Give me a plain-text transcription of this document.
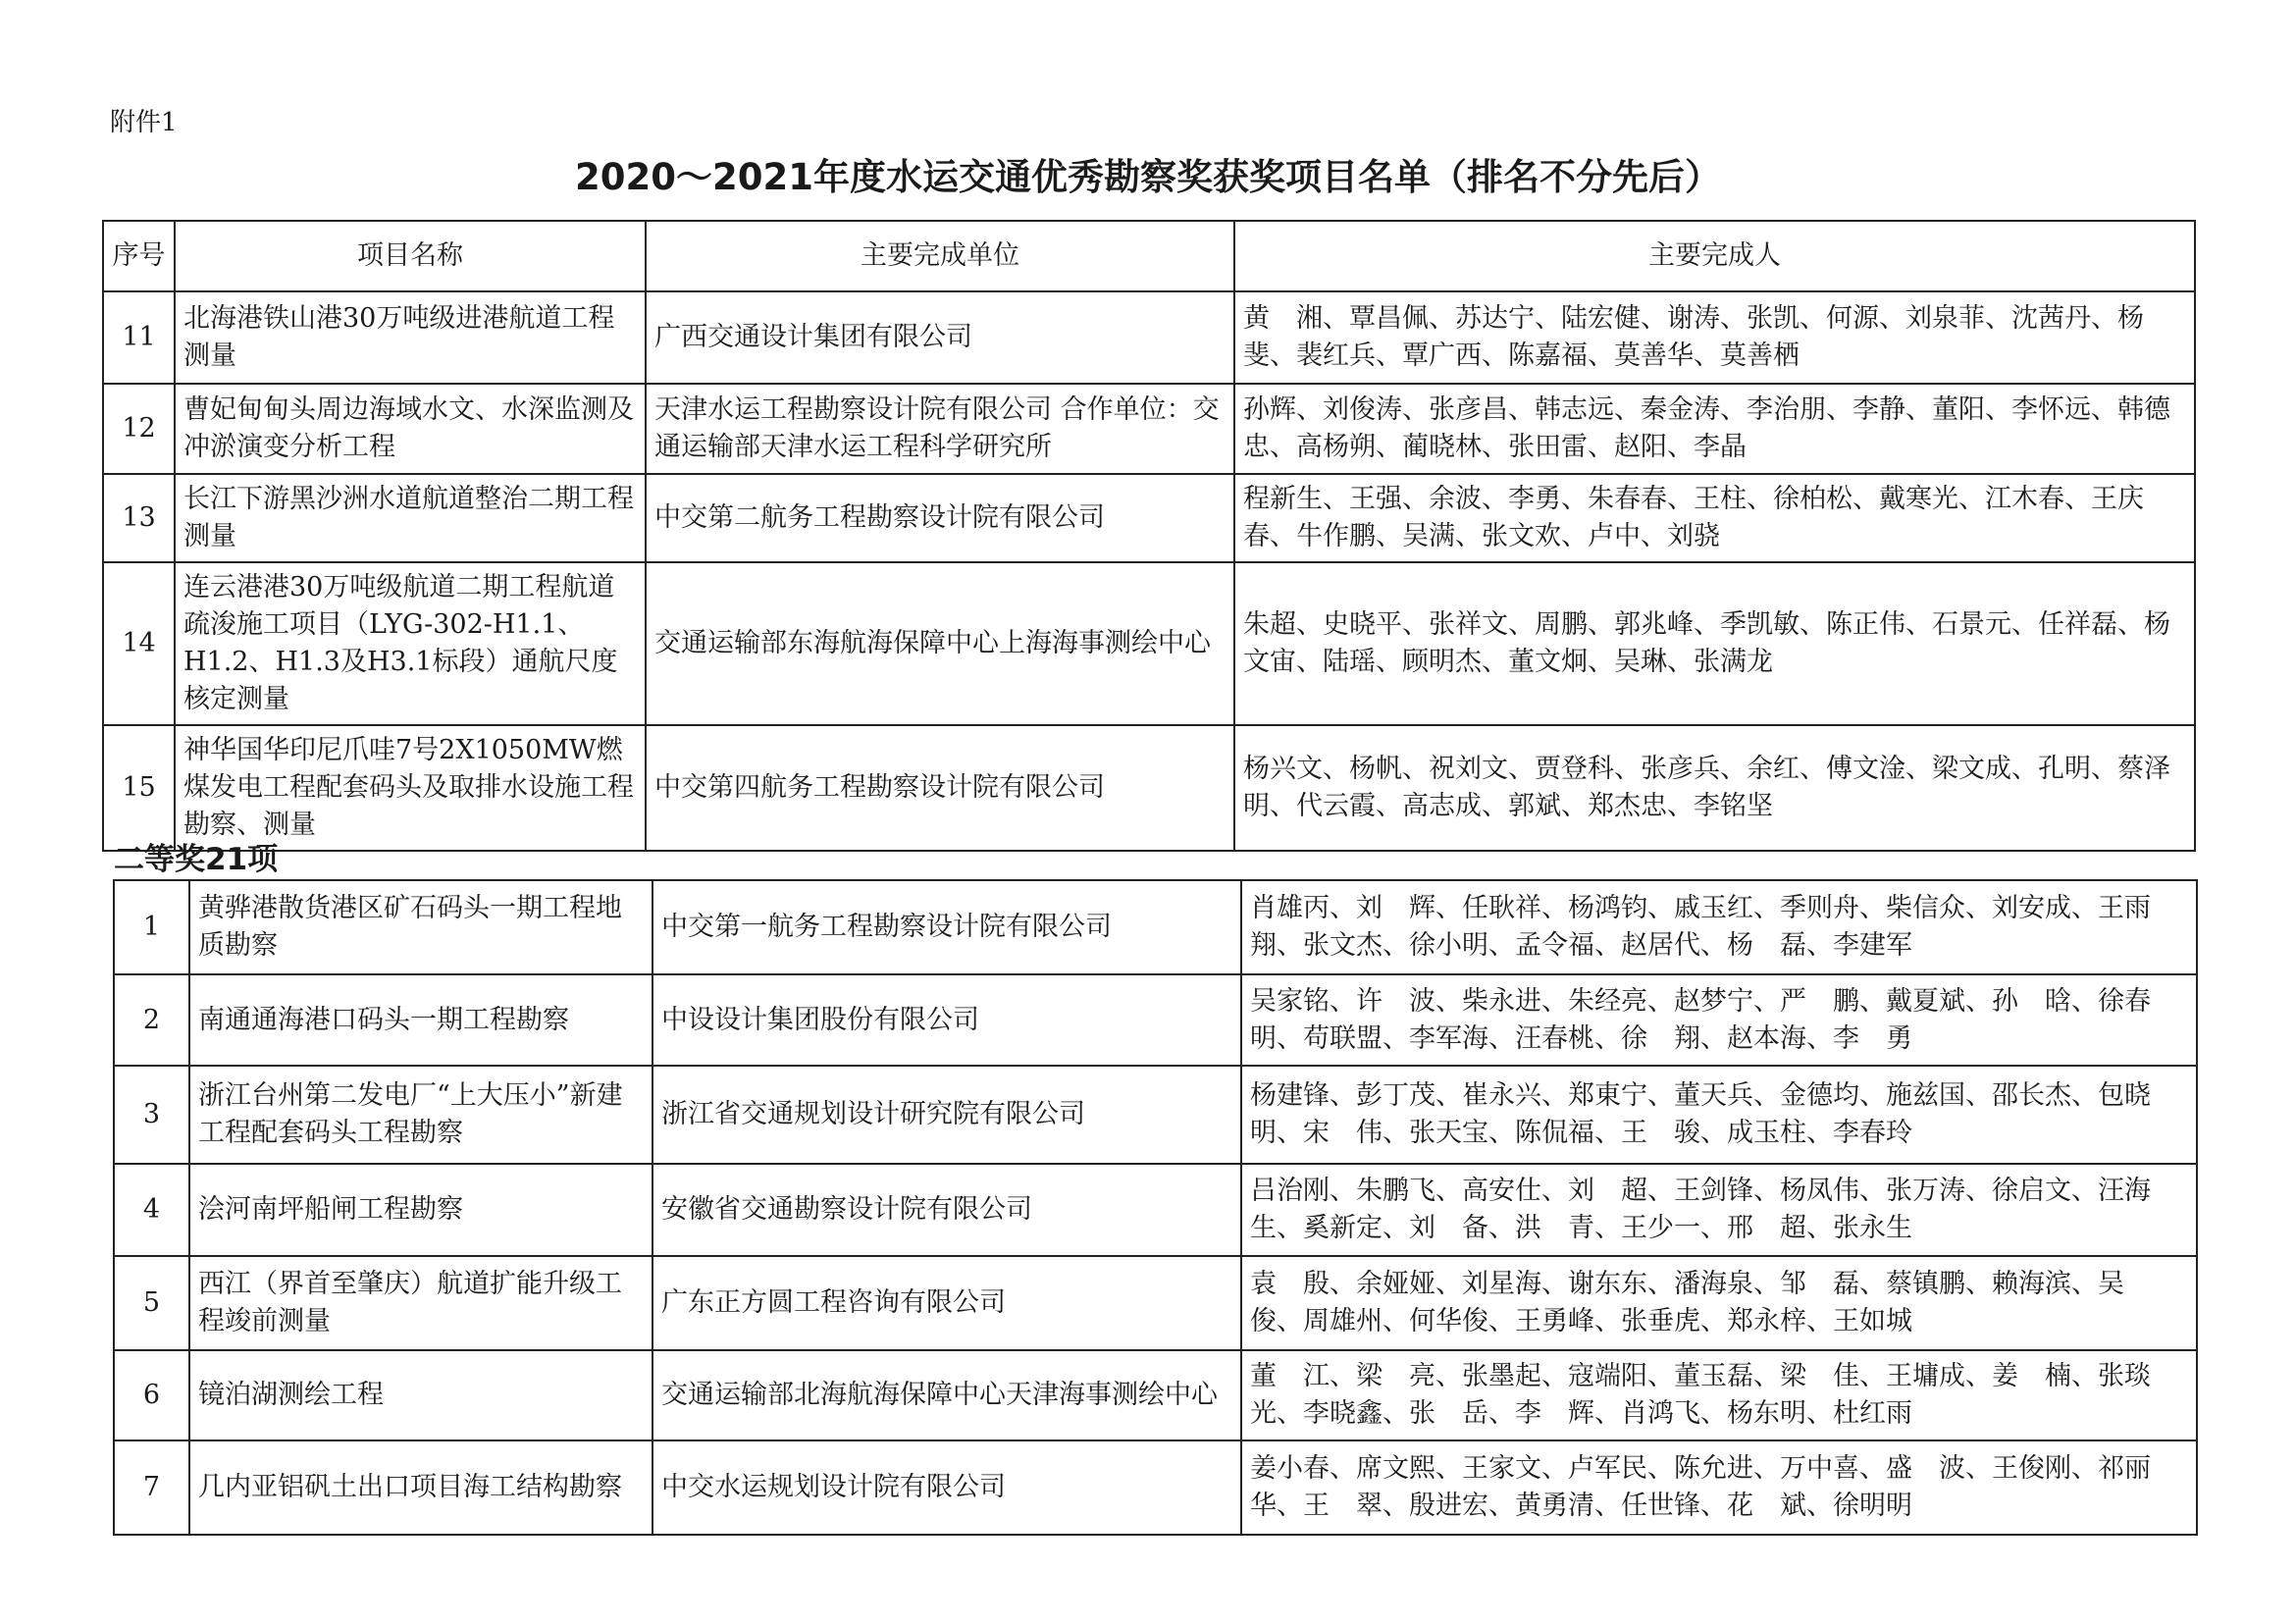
附件1
2020～2021年度水运交通优秀勘察奖获奖项目名单（排名不分先后）
序号	项目名称	主要完成单位	主要完成人
11	北海港铁山港30万吨级进港航道工程测量	广西交通设计集团有限公司	黄　湘、覃昌佩、苏达宁、陆宏健、谢涛、张凯、何源、刘泉菲、沈茜丹、杨斐、裴红兵、覃广西、陈嘉福、莫善华、莫善栖
12	曹妃甸甸头周边海域水文、水深监测及冲淤演变分析工程	天津水运工程勘察设计院有限公司 合作单位：交通运输部天津水运工程科学研究所	孙辉、刘俊涛、张彦昌、韩志远、秦金涛、李治朋、李静、董阳、李怀远、韩德忠、高杨朔、蔺晓林、张田雷、赵阳、李晶
13	长江下游黑沙洲水道航道整治二期工程测量	中交第二航务工程勘察设计院有限公司	程新生、王强、余波、李勇、朱春春、王柱、徐柏松、戴寒光、江木春、王庆春、牛作鹏、吴满、张文欢、卢中、刘骁
14	连云港港30万吨级航道二期工程航道疏浚施工项目（LYG-302-H1.1、H1.2、H1.3及H3.1标段）通航尺度核定测量	交通运输部东海航海保障中心上海海事测绘中心	朱超、史晓平、张祥文、周鹏、郭兆峰、季凯敏、陈正伟、石景元、任祥磊、杨文宙、陆瑶、顾明杰、董文炯、吴琳、张满龙
15	神华国华印尼爪哇7号2X1050MW燃煤发电工程配套码头及取排水设施工程勘察、测量	中交第四航务工程勘察设计院有限公司	杨兴文、杨帆、祝刘文、贾登科、张彦兵、余红、傅文淦、梁文成、孔明、蔡泽明、代云霞、高志成、郭斌、郑杰忠、李铭坚
二等奖21项
1	黄骅港散货港区矿石码头一期工程地质勘察	中交第一航务工程勘察设计院有限公司	肖雄丙、刘　辉、任耿祥、杨鸿钧、戚玉红、季则舟、柴信众、刘安成、王雨翔、张文杰、徐小明、孟令福、赵居代、杨　磊、李建军
2	南通通海港口码头一期工程勘察	中设设计集团股份有限公司	吴家铭、许　波、柴永进、朱经亮、赵梦宁、严　鹏、戴夏斌、孙　晗、徐春明、苟联盟、李军海、汪春桃、徐　翔、赵本海、李　勇
3	浙江台州第二发电厂“上大压小”新建工程配套码头工程勘察	浙江省交通规划设计研究院有限公司	杨建锋、彭丁茂、崔永兴、郑東宁、董天兵、金德均、施兹国、邵长杰、包晓明、宋　伟、张天宝、陈侃福、王　骏、成玉柱、李春玲
4	浍河南坪船闸工程勘察	安徽省交通勘察设计院有限公司	吕治刚、朱鹏飞、高安仕、刘　超、王剑锋、杨凤伟、张万涛、徐启文、汪海生、奚新定、刘　备、洪　青、王少一、邢　超、张永生
5	西江（界首至肇庆）航道扩能升级工程竣前测量	广东正方圆工程咨询有限公司	袁　殷、余娅娅、刘星海、谢东东、潘海泉、邹　磊、蔡镇鹏、赖海滨、吴　俊、周雄州、何华俊、王勇峰、张垂虎、郑永梓、王如城
6	镜泊湖测绘工程	交通运输部北海航海保障中心天津海事测绘中心	董　江、梁　亮、张墨起、寇端阳、董玉磊、梁　佳、王墉成、姜　楠、张琰光、李晓鑫、张　岳、李　辉、肖鸿飞、杨东明、杜红雨
7	几内亚铝矾土出口项目海工结构勘察	中交水运规划设计院有限公司	姜小春、席文熙、王家文、卢军民、陈允进、万中喜、盛　波、王俊刚、祁丽华、王　翠、殷进宏、黄勇清、任世锋、花　斌、徐明明
